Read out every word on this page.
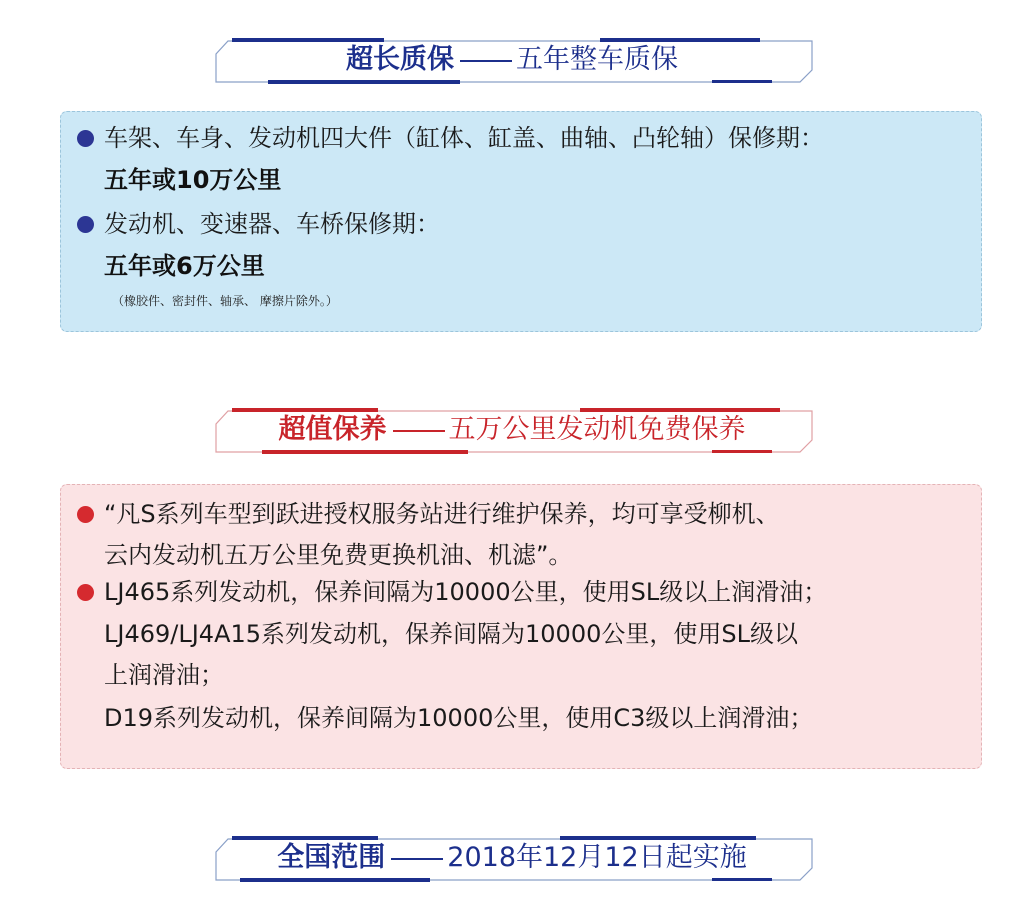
超长质保 五年整车质保
车架、车身、发动机四大件（缸体、缸盖、曲轴、凸轮轴）保修期：
五年或10万公里
发动机、变速器、车桥保修期：
五年或6万公里
（橡胶件、密封件、轴承、 摩擦片除外。）
超值保养 五万公里发动机免费保养
“凡S系列车型到跃进授权服务站进行维护保养，均可享受柳机、
云内发动机五万公里免费更换机油、机滤”。
LJ465系列发动机，保养间隔为10000公里，使用SL级以上润滑油；
LJ469/LJ4A15系列发动机，保养间隔为10000公里，使用SL级以
上润滑油；
D19系列发动机，保养间隔为10000公里，使用C3级以上润滑油；
全国范围 2018年12月12日起实施
